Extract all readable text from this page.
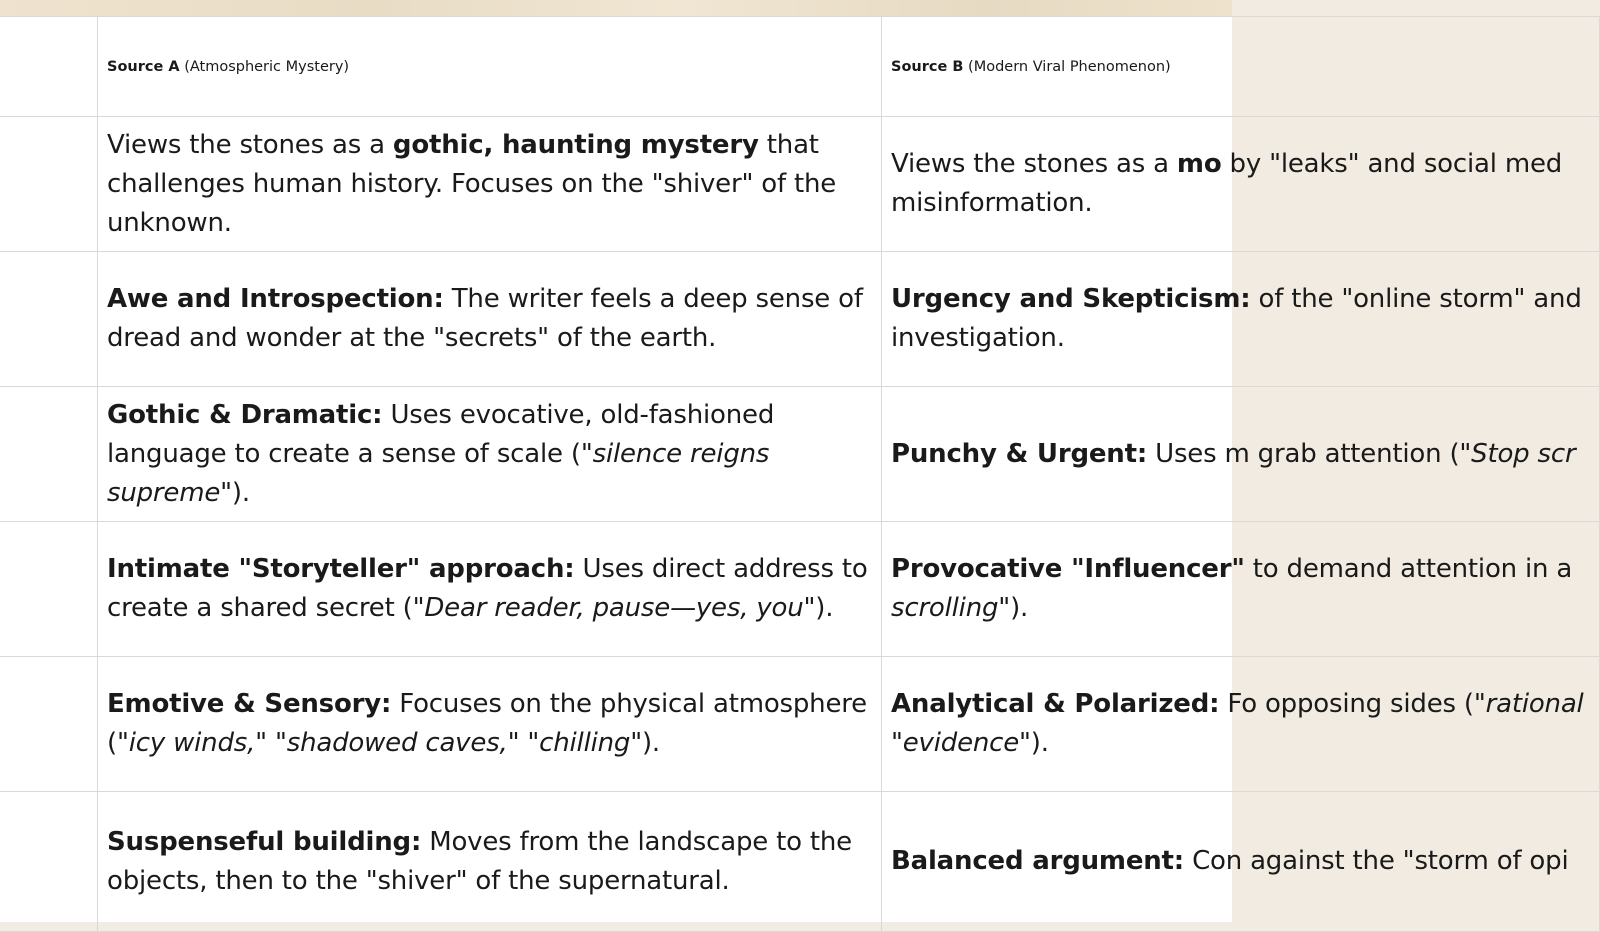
	Source A (Atmospheric Mystery)	Source B (Modern Viral Phenomenon)
	Views the stones as a gothic, haunting mystery that challenges human history. Focuses on the "shiver" of the unknown.	Views the stones as a mo by "leaks" and social med misinformation.
	Awe and Introspection: The writer feels a deep sense of dread and wonder at the "secrets" of the earth.	Urgency and Skepticism: of the "online storm" and investigation.
	Gothic & Dramatic: Uses evocative, old-fashioned language to create a sense of scale ("silence reigns supreme").	Punchy & Urgent: Uses m grab attention ("Stop scr
	Intimate "Storyteller" approach: Uses direct address to create a shared secret ("Dear reader, pause—yes, you").	Provocative "Influencer" to demand attention in a scrolling").
	Emotive & Sensory: Focuses on the physical atmosphere ("icy winds," "shadowed caves," "chilling").	Analytical & Polarized: Fo opposing sides ("rational "evidence").
	Suspenseful building: Moves from the landscape to the objects, then to the "shiver" of the supernatural.	Balanced argument: Con against the "storm of opi
